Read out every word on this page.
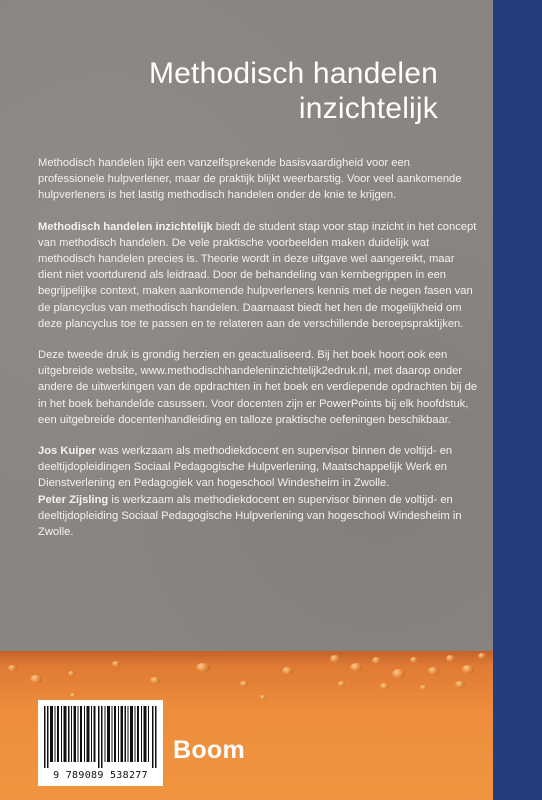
Methodisch handelen
inzichtelijk

Methodisch handelen lijkt een vanzelfsprekende basisvaardigheid voor een professionele hulpverlener, maar de praktijk blijkt weerbarstig. Voor veel aankomende hulpverleners is het lastig methodisch handelen onder de knie te krijgen.

Methodisch handelen inzichtelijk biedt de student stap voor stap inzicht in het concept van methodisch handelen. De vele praktische voorbeelden maken duidelijk wat methodisch handelen precies is. Theorie wordt in deze uitgave wel aangereikt, maar dient niet voortdurend als leidraad. Door de behandeling van kernbegrippen in een begrijpelijke context, maken aankomende hulpverleners kennis met de negen fasen van de plancyclus van methodisch handelen. Daarnaast biedt het hen de mogelijkheid om deze plancyclus toe te passen en te relateren aan de verschillende beroepspraktijken.

Deze tweede druk is grondig herzien en geactualiseerd. Bij het boek hoort ook een uitgebreide website, www.methodischhandeleninzichtelijk2edruk.nl, met daarop onder andere de uitwerkingen van de opdrachten in het boek en verdiepende opdrachten bij de in het boek behandelde casussen. Voor docenten zijn er PowerPoints bij elk hoofdstuk, een uitgebreide docentenhandleiding en talloze praktische oefeningen beschikbaar.

Jos Kuiper was werkzaam als methodiekdocent en supervisor binnen de voltijd- en deeltijdopleidingen Sociaal Pedagogische Hulpverlening, Maatschappelijk Werk en Dienstverlening en Pedagogiek van hogeschool Windesheim in Zwolle.

Peter Zijsling is werkzaam als methodiekdocent en supervisor binnen de voltijd- en deeltijdopleiding Sociaal Pedagogische Hulpverlening van hogeschool Windesheim in Zwolle.

9 789089 538277
Boom
